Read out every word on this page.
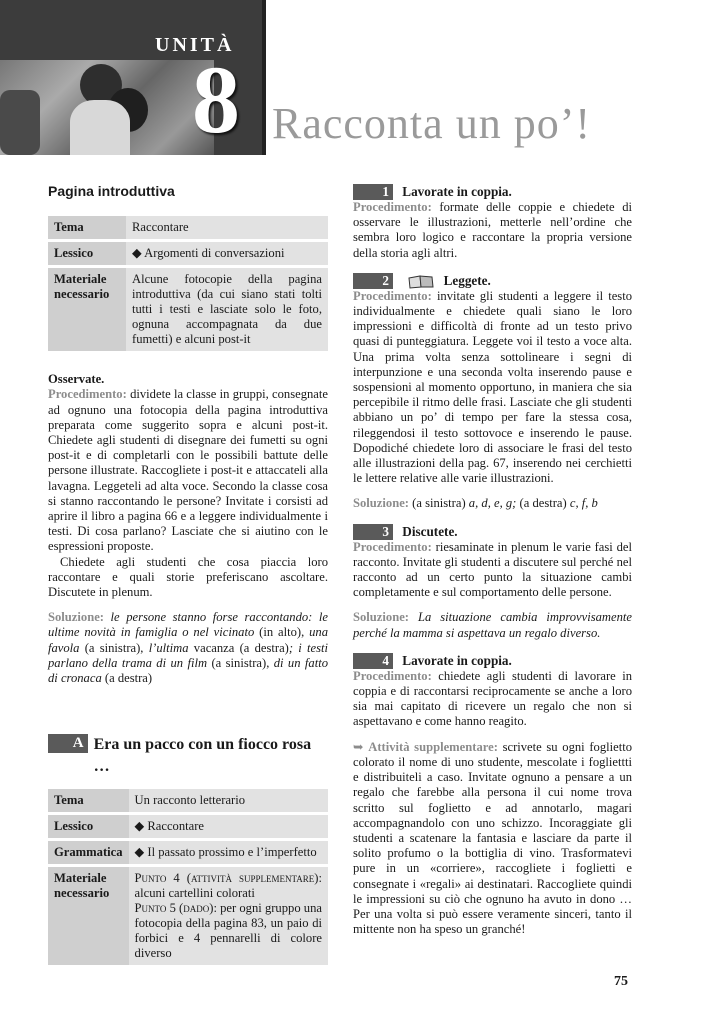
UNITÀ
8 Racconta un po’!
Pagina introduttiva
Tema	Raccontare
Lessico	◆ Argomenti di conversazioni
Materiale necessario	Alcune fotocopie della pagina introduttiva (da cui siano stati tolti tutti i testi e lasciate solo le foto, ognuna accompagnata da due fumetti) e alcuni post-it

Osservate.

Procedimento: dividete la classe in gruppi, consegnate ad ognuno una fotocopia della pagina introduttiva preparata come suggerito sopra e alcuni post-it. Chiedete agli studenti di disegnare dei fumetti su ogni post-it e di completarli con le possibili battute delle persone illustrate. Raccogliete i post-it e attaccateli alla lavagna. Leggeteli ad alta voce. Secondo la classe cosa si stanno raccontando le persone? Invitate i corsisti ad aprire il libro a pagina 66 e a leggere individualmente i testi. Di cosa parlano? Lasciate che si aiutino con le espressioni proposte.

Chiedete agli studenti che cosa piaccia loro raccontare e quali storie preferiscano ascoltare. Discutete in plenum.

Soluzione: le persone stanno forse raccontando: le ultime novità in famiglia o nel vicinato (in alto), una favola (a sinistra), l’ultima vacanza (a destra); i testi parlano della trama di un film (a sinistra), di un fatto di cronaca (a destra)

A Era un pacco con un fiocco rosa …
Tema	Un racconto letterario
Lessico	◆ Raccontare
Grammatica	◆ Il passato prossimo e l’imperfetto
Materiale necessario	Punto 4 (attività supplementare): alcuni cartellini colorati
Punto 5 (dado): per ogni gruppo una fotocopia della pagina 83, un paio di forbici e 4 pennarelli di colore diverso
1 Lavorate in coppia.

Procedimento: formate delle coppie e chiedete di osservare le illustrazioni, metterle nell’ordine che sembra loro logico e raccontare la propria versione della storia agli altri.

2	Leggete.

Procedimento: invitate gli studenti a leggere il testo individualmente e chiedete quali siano le loro impressioni e difficoltà di fronte ad un testo privo quasi di punteggiatura. Leggete voi il testo a voce alta. Una prima volta senza sottolineare i segni di interpunzione e una seconda volta inserendo pause e sospensioni al momento opportuno, in maniera che sia percepibile il ritmo delle frasi. Lasciate che gli studenti abbiano un po’ di tempo per fare la stessa cosa, rileggendosi il testo sottovoce e inserendo le pause. Dopodiché chiedete loro di associare le frasi del testo alle illustrazioni della pag. 67, inserendo nei cerchietti le lettere relative alle varie illustrazioni.

Soluzione: (a sinistra) a, d, e, g; (a destra) c, f, b

3 Discutete.

Procedimento: riesaminate in plenum le varie fasi del racconto. Invitate gli studenti a discutere sul perché nel racconto ad un certo punto la situazione cambi completamente e sul comportamento delle persone.

Soluzione: La situazione cambia improvvisamente perché la mamma si aspettava un regalo diverso.

4 Lavorate in coppia.

Procedimento: chiedete agli studenti di lavorare in coppia e di raccontarsi reciprocamente se anche a loro sia mai capitato di ricevere un regalo che non si aspettavano e come hanno reagito.

➥ Attività supplementare: scrivete su ogni foglietto colorato il nome di uno studente, mescolate i fogliettti e distribuiteli a caso. Invitate ognuno a pensare a un regalo che farebbe alla persona il cui nome trova scritto sul foglietto e ad annotarlo, magari accompagnandolo con uno schizzo. Incoraggiate gli studenti a scatenare la fantasia e lasciare da parte il solito profumo o la bottiglia di vino. Trasformatevi pure in un «corriere», raccogliete i foglietti e consegnate i «regali» ai destinatari. Raccogliete quindi le impressioni su ciò che ognuno ha avuto in dono … Per una volta si può essere veramente sinceri, tanto il mittente non ha speso un granché!

75
